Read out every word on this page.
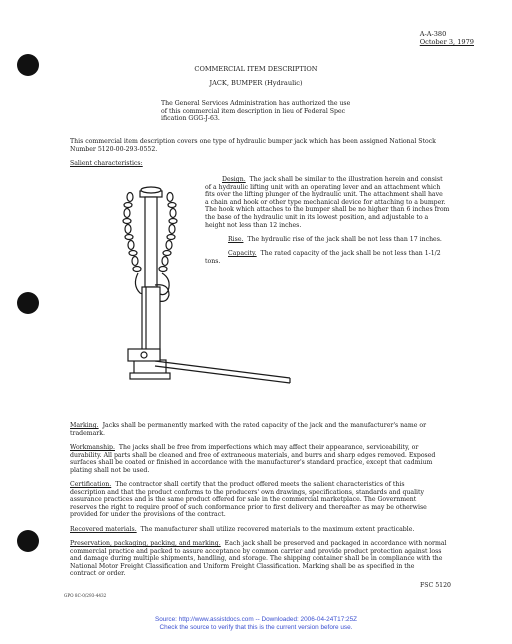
A-A-380
October 3, 1979
COMMERCIAL ITEM DESCRIPTION
JACK, BUMPER (Hydraulic)
The General Services Administration has authorized the use
of this commercial item description in lieu of Federal Spec
ification GGG-J-63.
This commercial item description covers one type of hydraulic bumper jack which has been assigned National Stock
Number 5120-00-293-0552.
Salient characteristics:
Design. The jack shall be similar to the illustration herein and consist
of a hydraulic lifting unit with an operating lever and an attachment which
fits over the lifting plunger of the hydraulic unit. The attachment shall have
a chain and hook or other type mechanical device for attaching to a bumper.
The hook which attaches to the bumper shall be no higher than 6 inches from
the base of the hydraulic unit in its lowest position, and adjustable to a
height not less than 12 inches.
Rise. The hydraulic rise of the jack shall be not less than 17 inches.
Capacity. The rated capacity of the jack shall be not less than 1-1/2
tons.
Marking. Jacks shall be permanently marked with the rated capacity of the jack and the manufacturer's name or
trademark.
Workmanship. The jacks shall be free from imperfections which may affect their appearance, serviceability, or
durability. All parts shall be cleaned and free of extraneous materials, and burrs and sharp edges removed. Exposed
surfaces shall be coated or finished in accordance with the manufacturer's standard practice, except that cadmium
plating shall not be used.
Certification. The contractor shall certify that the product offered meets the salient characteristics of this
description and that the product conforms to the producers' own drawings, specifications, standards and quality
assurance practices and is the same product offered for sale in the commercial marketplace. The Government
reserves the right to require proof of such conformance prior to first delivery and thereafter as may be otherwise
provided for under the provisions of the contract.
Recovered materials. The manufacturer shall utilize recovered materials to the maximum extent practicable.
Preservation, packaging, packing, and marking. Each jack shall be preserved and packaged in accordance with normal
commercial practice and packed to assure acceptance by common carrier and provide product protection against loss
and damage during multiple shipments, handling, and storage. The shipping container shall be in compliance with the
National Motor Freight Classification and Uniform Freight Classification. Marking shall be as specified in the
contract or order.
FSC 5120
GPO 8C-0/293-4432
Source: http://www.assistdocs.com -- Downloaded: 2006-04-24T17:25Z
Check the source to verify that this is the current version before use.
